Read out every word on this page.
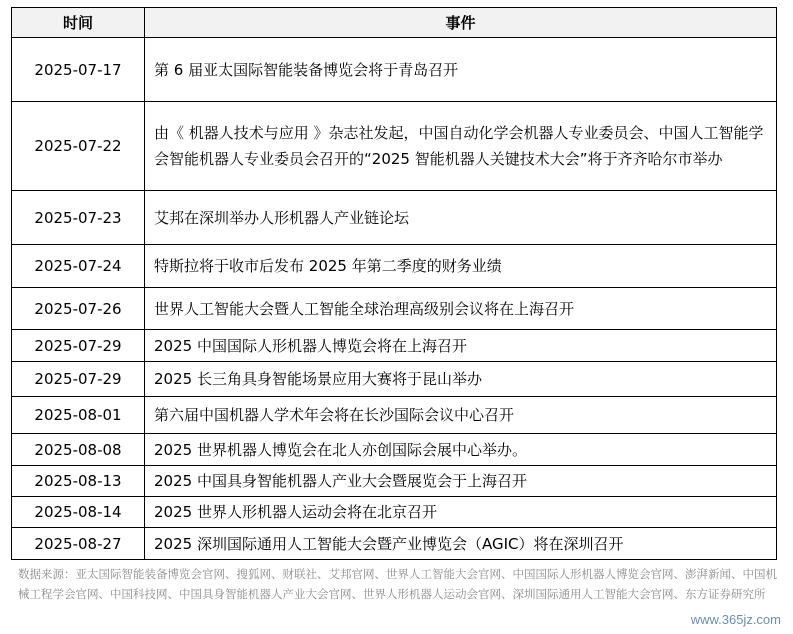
时间	事件
2025-07-17	第 6 届亚太国际智能装备博览会将于青岛召开
2025-07-22	由《 机器人技术与应用 》杂志社发起，中国自动化学会机器人专业委员会、中国人工智能学会智能机器人专业委员会召开的“2025 智能机器人关键技术大会”将于齐齐哈尔市举办
2025-07-23	艾邦在深圳举办人形机器人产业链论坛
2025-07-24	特斯拉将于收市后发布 2025 年第二季度的财务业绩
2025-07-26	世界人工智能大会暨人工智能全球治理高级别会议将在上海召开
2025-07-29	2025 中国国际人形机器人博览会将在上海召开
2025-07-29	2025 长三角具身智能场景应用大赛将于昆山举办
2025-08-01	第六届中国机器人学术年会将在长沙国际会议中心召开
2025-08-08	2025 世界机器人博览会在北人亦创国际会展中心举办。
2025-08-13	2025 中国具身智能机器人产业大会暨展览会于上海召开
2025-08-14	2025 世界人形机器人运动会将在北京召开
2025-08-27	2025 深圳国际通用人工智能大会暨产业博览会（AGIC）将在深圳召开
数据来源：亚太国际智能装备博览会官网、搜狐网、财联社、艾邦官网、世界人工智能大会官网、中国国际人形机器人博览会官网、澎湃新闻、中国机械工程学会官网、中国科技网、中国具身智能机器人产业大会官网、世界人形机器人运动会官网、深圳国际通用人工智能大会官网、东方证券研究所
www.365jz.com
